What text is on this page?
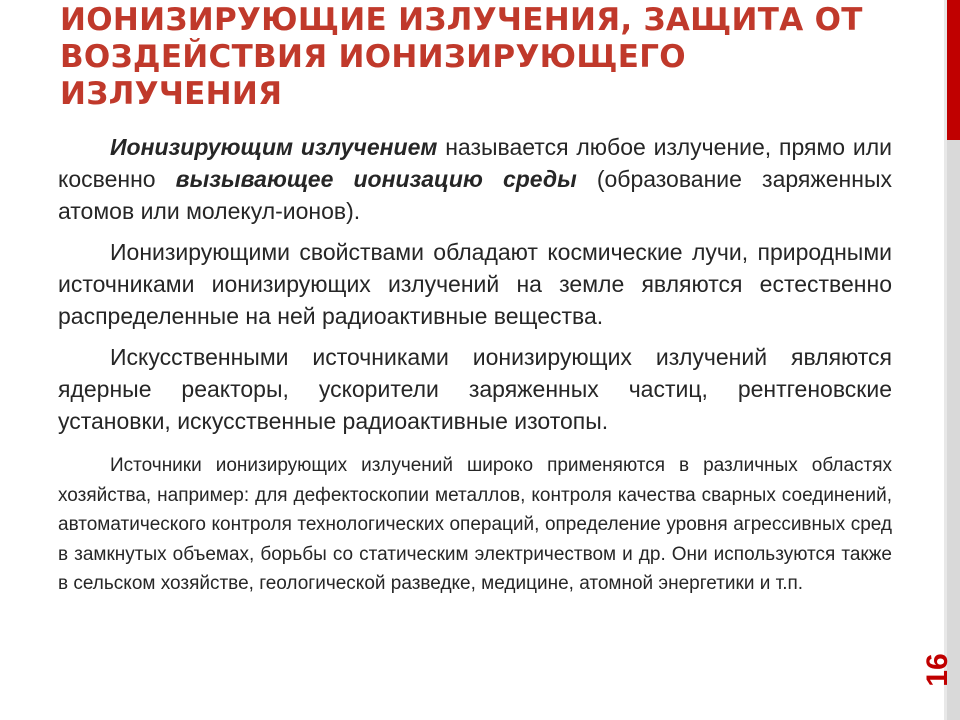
ИОНИЗИРУЮЩИЕ ИЗЛУЧЕНИЯ, ЗАЩИТА ОТ ВОЗДЕЙСТВИЯ ИОНИЗИРУЮЩЕГО ИЗЛУЧЕНИЯ

Ионизирующим излучением называется любое излучение, прямо или косвенно вызывающее ионизацию среды (образование заряженных атомов или молекул-ионов).

Ионизирующими свойствами обладают космические лучи, природными источниками ионизирующих излучений на земле являются естественно распределенные на ней радиоактивные вещества.

Искусственными источниками ионизирующих излучений являются ядерные реакторы, ускорители заряженных частиц, рентгеновские установки, искусственные радиоактивные изотопы.

Источники ионизирующих излучений широко применяются в различных областях хозяйства, например: для дефектоскопии металлов, контроля качества сварных соединений, автоматического контроля технологических операций, определение уровня агрессивных сред в замкнутых объемах, борьбы со статическим электричеством и др. Они используются также в сельском хозяйстве, геологической разведке, медицине, атомной энергетики и т.п.

16
